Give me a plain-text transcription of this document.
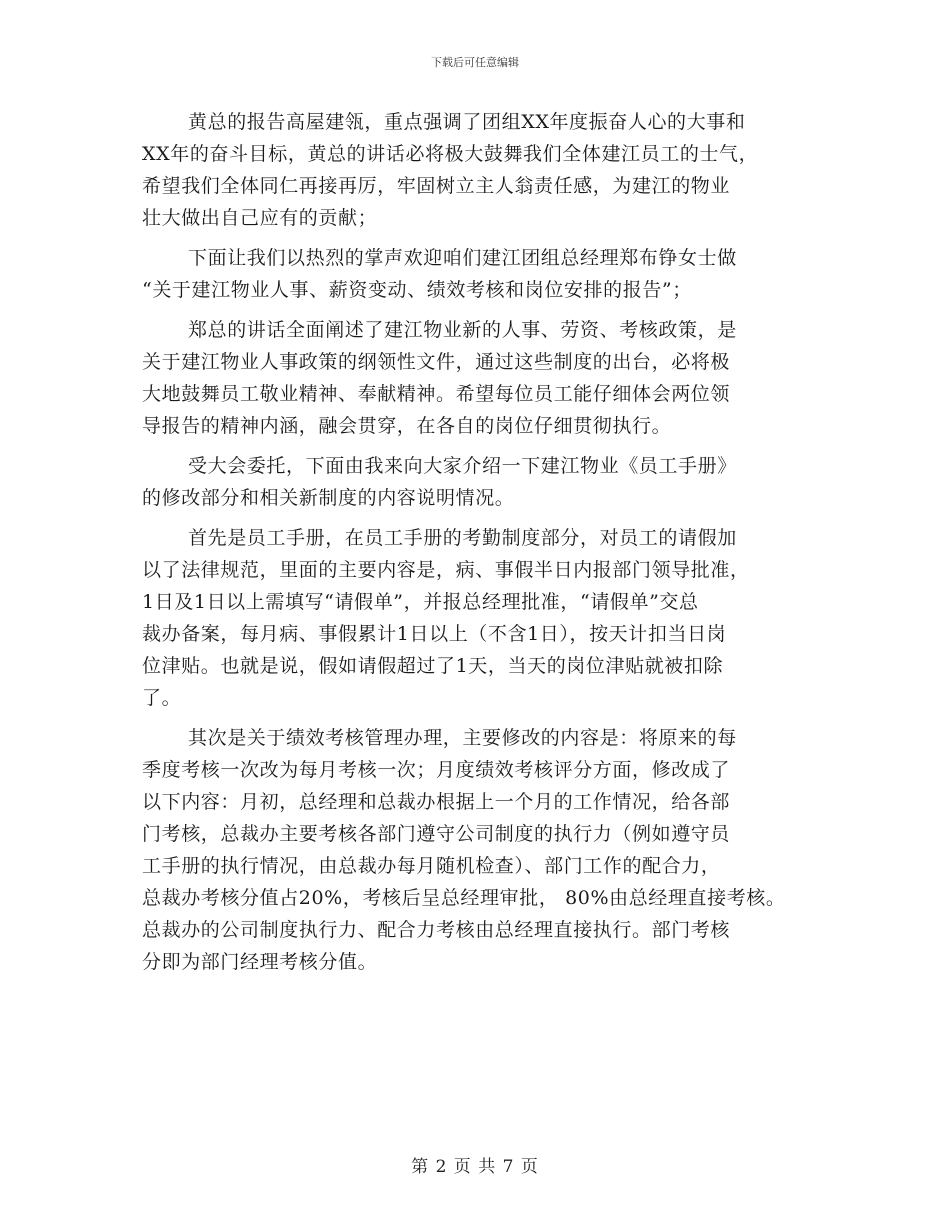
下载后可任意编辑
黄总的报告高屋建瓴，重点强调了团组XX年度振奋人心的大事和
XX年的奋斗目标，黄总的讲话必将极大鼓舞我们全体建江员工的士气，
希望我们全体同仁再接再厉，牢固树立主人翁责任感，为建江的物业
壮大做出自己应有的贡献；
下面让我们以热烈的掌声欢迎咱们建江团组总经理郑布铮女士做
“关于建江物业人事、薪资变动、绩效考核和岗位安排的报告”；
郑总的讲话全面阐述了建江物业新的人事、劳资、考核政策，是
关于建江物业人事政策的纲领性文件，通过这些制度的出台，必将极
大地鼓舞员工敬业精神、奉献精神。希望每位员工能仔细体会两位领
导报告的精神内涵，融会贯穿，在各自的岗位仔细贯彻执行。
受大会委托，下面由我来向大家介绍一下建江物业《员工手册》
的修改部分和相关新制度的内容说明情况。
首先是员工手册，在员工手册的考勤制度部分，对员工的请假加
以了法律规范，里面的主要内容是，病、事假半日内报部门领导批准，
1日及1日以上需填写“请假单”，并报总经理批准，“请假单”交总
裁办备案，每月病、事假累计1日以上（不含1日），按天计扣当日岗
位津贴。也就是说，假如请假超过了1天，当天的岗位津贴就被扣除
了。
其次是关于绩效考核管理办理，主要修改的内容是：将原来的每
季度考核一次改为每月考核一次；月度绩效考核评分方面，修改成了
以下内容：月初，总经理和总裁办根据上一个月的工作情况，给各部
门考核，总裁办主要考核各部门遵守公司制度的执行力（例如遵守员
工手册的执行情况，由总裁办每月随机检查）、部门工作的配合力，
总裁办考核分值占20%，考核后呈总经理审批， 80%由总经理直接考核。
总裁办的公司制度执行力、配合力考核由总经理直接执行。部门考核
分即为部门经理考核分值。
第 2 页 共 7 页
